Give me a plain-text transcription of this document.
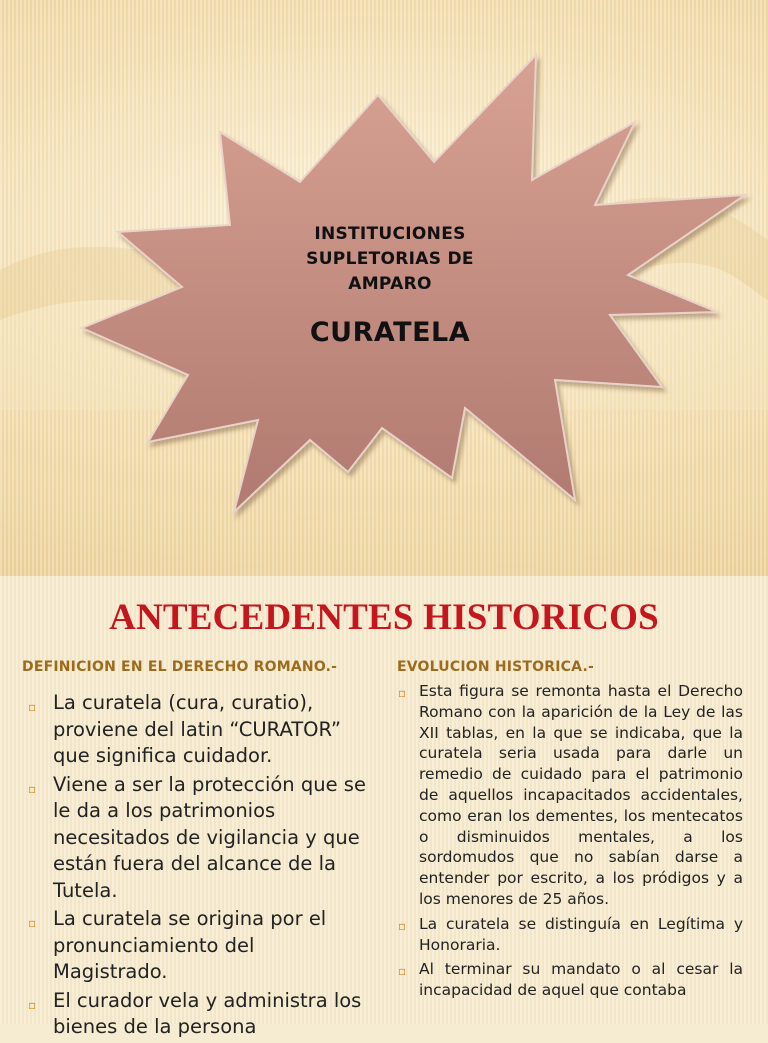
INSTITUCIONES SUPLETORIAS DE AMPARO
CURATELA
ANTECEDENTES HISTORICOS
DEFINICION EN EL DERECHO ROMANO.-	EVOLUCION HISTORICA.-
▫ La curatela (cura, curatio), proviene del latin “CURATOR” que significa cuidador.
▫ Viene a ser la protección que se le da a los patrimonios necesitados de vigilancia y que están fuera del alcance de la Tutela.
▫ La curatela se origina por el pronunciamiento del Magistrado.
▫ El curador vela y administra los bienes de la persona
▫ Esta figura se remonta hasta el Derecho Romano con la aparición de la Ley de las XII tablas, en la que se indicaba, que la curatela seria usada para darle un remedio de cuidado para el patrimonio de aquellos incapacitados accidentales, como eran los dementes, los mentecatos o disminuidos mentales, a los sordomudos que no sabían darse a entender por escrito, a los pródigos y a los menores de 25 años.
▫ La curatela se distinguía en Legítima y Honoraria.
▫ Al terminar su mandato o al cesar la incapacidad de aquel que contaba
